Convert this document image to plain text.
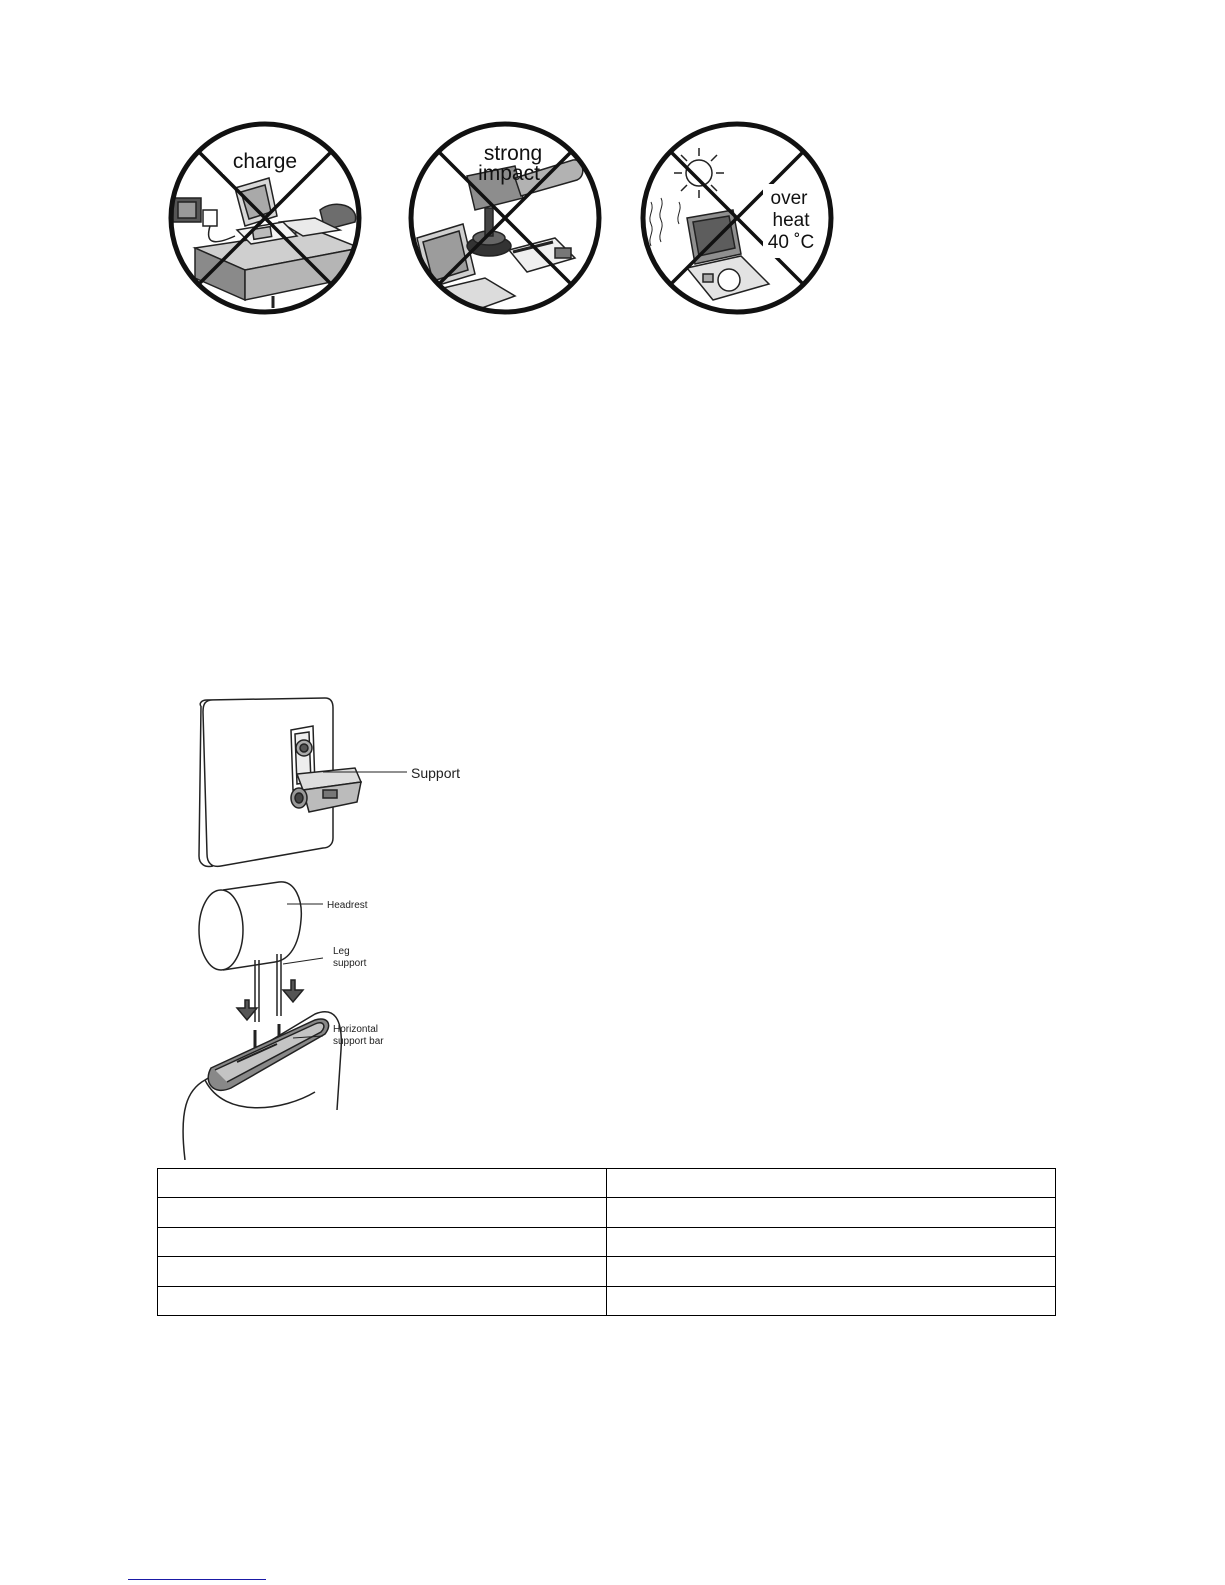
charge	strong
impact
over
heat
40 ˚C
Support
Headrest
Leg
support
Horizontal
support bar
